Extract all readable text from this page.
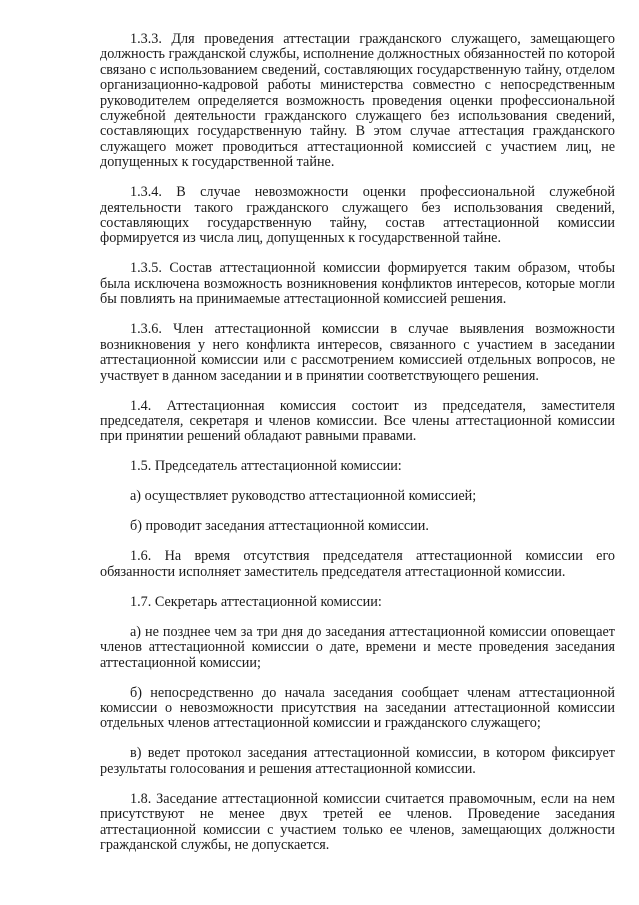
1.3.3. Для проведения аттестации гражданского служащего, замещающего должность гражданской службы, исполнение должностных обязанностей по которой связано с использованием сведений, составляющих государственную тайну, отделом организационно-кадровой работы министерства совместно с непосредственным руководителем определяется возможность проведения оценки профессиональной служебной деятельности гражданского служащего без использования сведений, составляющих государственную тайну. В этом случае аттестация гражданского служащего может проводиться аттестационной комиссией с участием лиц, не допущенных к государственной тайне.

1.3.4. В случае невозможности оценки профессиональной служебной деятельности такого гражданского служащего без использования сведений, составляющих государственную тайну, состав аттестационной комиссии формируется из числа лиц, допущенных к государственной тайне.

1.3.5. Состав аттестационной комиссии формируется таким образом, чтобы была исключена возможность возникновения конфликтов интересов, которые могли бы повлиять на принимаемые аттестационной комиссией решения.

1.3.6. Член аттестационной комиссии в случае выявления возможности возникновения у него конфликта интересов, связанного с участием в заседании аттестационной комиссии или с рассмотрением комиссией отдельных вопросов, не участвует в данном заседании и в принятии соответствующего решения.

1.4. Аттестационная комиссия состоит из председателя, заместителя председателя, секретаря и членов комиссии. Все члены аттестационной комиссии при принятии решений обладают равными правами.

1.5. Председатель аттестационной комиссии:

а) осуществляет руководство аттестационной комиссией;

б) проводит заседания аттестационной комиссии.

1.6. На время отсутствия председателя аттестационной комиссии его обязанности исполняет заместитель председателя аттестационной комиссии.

1.7. Секретарь аттестационной комиссии:

а) не позднее чем за три дня до заседания аттестационной комиссии оповещает членов аттестационной комиссии о дате, времени и месте проведения заседания аттестационной комиссии;

б) непосредственно до начала заседания сообщает членам аттестационной комиссии о невозможности присутствия на заседании аттестационной комиссии отдельных членов аттестационной комиссии и гражданского служащего;

в) ведет протокол заседания аттестационной комиссии, в котором фиксирует результаты голосования и решения аттестационной комиссии.

1.8. Заседание аттестационной комиссии считается правомочным, если на нем присутствуют не менее двух третей ее членов. Проведение заседания аттестационной комиссии с участием только ее членов, замещающих должности гражданской службы, не допускается.
